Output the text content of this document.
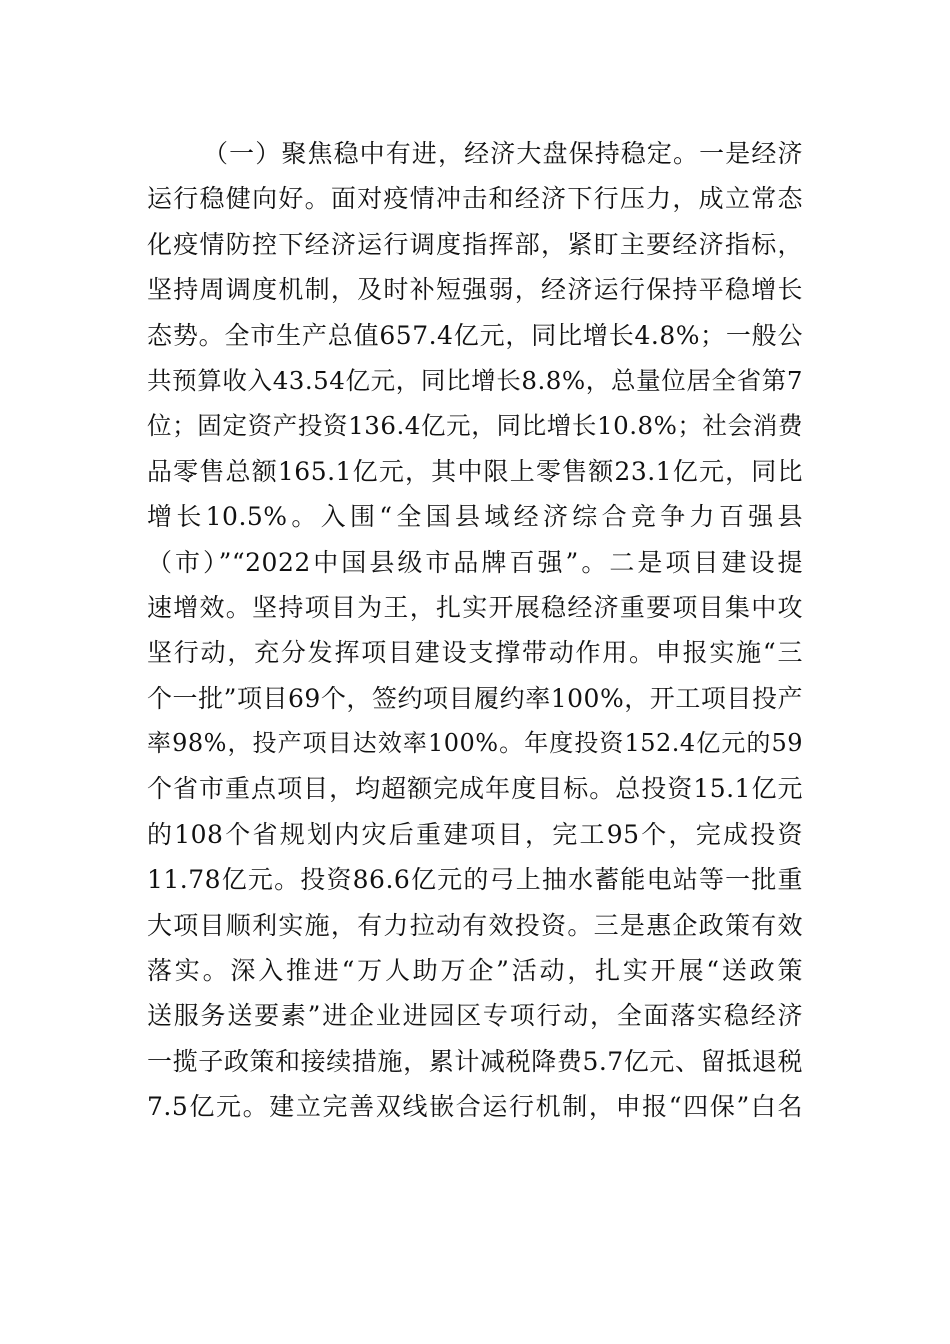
（一）聚焦稳中有进，经济大盘保持稳定。一是经济
运行稳健向好。面对疫情冲击和经济下行压力，成立常态
化疫情防控下经济运行调度指挥部，紧盯主要经济指标，
坚持周调度机制，及时补短强弱，经济运行保持平稳增长
态势。全市生产总值657.4亿元，同比增长4.8%；一般公
共预算收入43.54亿元，同比增长8.8%，总量位居全省第7
位；固定资产投资136.4亿元，同比增长10.8%；社会消费
品零售总额165.1亿元，其中限上零售额23.1亿元，同比
增长10.5%。入围“全国县域经济综合竞争力百强县
（市）”“2022中国县级市品牌百强”。二是项目建设提
速增效。坚持项目为王，扎实开展稳经济重要项目集中攻
坚行动，充分发挥项目建设支撑带动作用。申报实施“三
个一批”项目69个，签约项目履约率100%，开工项目投产
率98%，投产项目达效率100%。年度投资152.4亿元的59
个省市重点项目，均超额完成年度目标。总投资15.1亿元
的108个省规划内灾后重建项目，完工95个，完成投资
11.78亿元。投资86.6亿元的弓上抽水蓄能电站等一批重
大项目顺利实施，有力拉动有效投资。三是惠企政策有效
落实。深入推进“万人助万企”活动，扎实开展“送政策
送服务送要素”进企业进园区专项行动，全面落实稳经济
一揽子政策和接续措施，累计减税降费5.7亿元、留抵退税
7.5亿元。建立完善双线嵌合运行机制，申报“四保”白名
